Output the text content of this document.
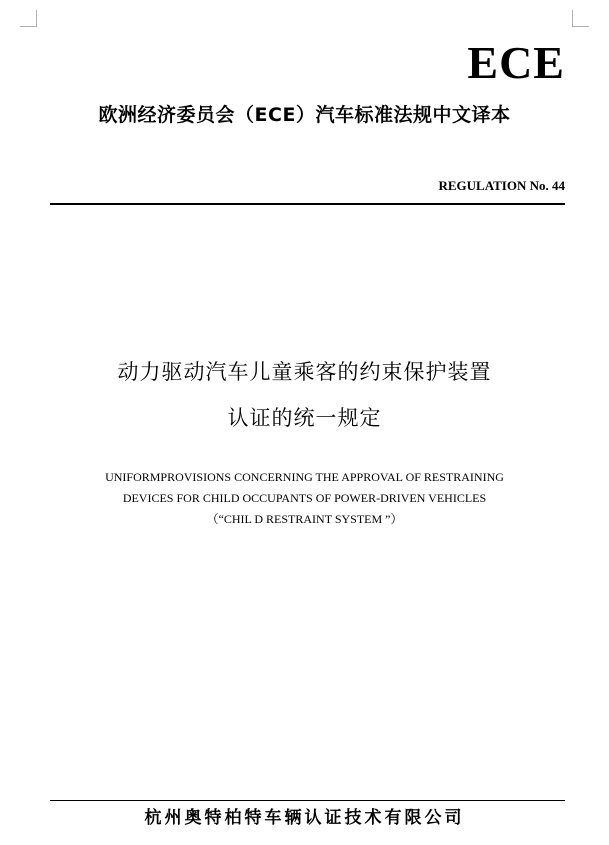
ECE
欧洲经济委员会（ECE）汽车标准法规中文译本
REGULATION No. 44
动力驱动汽车儿童乘客的约束保护装置
认证的统一规定
UNIFORMPROVISIONS CONCERNING THE APPROVAL OF RESTRAINING
DEVICES FOR CHILD OCCUPANTS OF POWER-DRIVEN VEHICLES
（“CHIL D RESTRAINT SYSTEM ”）
杭州奥特柏特车辆认证技术有限公司
